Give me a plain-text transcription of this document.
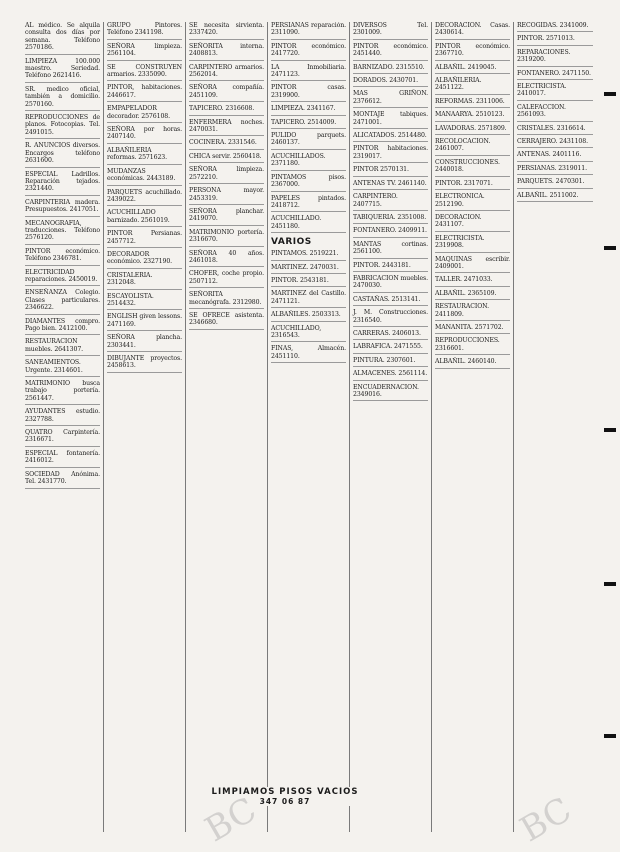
AL médico. Se alquila consulta dos días por semana. Teléfono 2570186.
LIMPIEZA 100.000 maestro. Seriedad. Teléfono 2621416.
SR. medico oficial, también a domicilio. 2570160.
REPRODUCCIONES de planos. Fotocopias. Tel. 2491015.
R. ANUNCIOS diversos. Encargos teléfono 2631600.
ESPECIAL Ladrillos. Reparación tejados. 2321440.
CARPINTERIA madera. Presupuestos. 2417051.
MECANOGRAFIA, traducciones. Teléfono 2576120.
PINTOR económico. Teléfono 2346781.
ELECTRICIDAD reparaciones. 2450019.
ENSEÑANZA Colegio. Clases particulares. 2346622.
DIAMANTES compro. Pago bien. 2412100.
RESTAURACION muebles. 2641307.
SANEAMIENTOS. Urgente. 2314601.
MATRIMONIO busca trabajo portería. 2561447.
AYUDANTES estudio. 2327788.
QUATRO Carpintería. 2316671.
ESPECIAL fontanería. 2416012.
SOCIEDAD Anónima. Tel. 2431770.
GRUPO Pintores. Teléfono 2341198.
SEÑORA limpieza. 2561104.
SE CONSTRUYEN armarios. 2335090.
PINTOR, habitaciones. 2446617.
EMPAPELADOR decorador. 2576108.
SEÑORA por horas. 2407140.
ALBAÑILERIA reformas. 2571623.
MUDANZAS económicas. 2443189.
PARQUETS acuchillado. 2439022.
ACUCHILLADO barnizado. 2561019.
PINTOR Persianas. 2457712.
DECORADOR económico. 2327190.
CRISTALERIA. 2312048.
ESCAYOLISTA. 2514432.
ENGLISH given lessons. 2471169.
SEÑORA plancha. 2303441.
DIBUJANTE proyectos. 2458613.
SE necesita sirvienta. 2337420.
SEÑORITA interna. 2408813.
CARPINTERO armarios. 2562014.
SEÑORA compañía. 2451109.
TAPICERO. 2316608.
ENFERMERA noches. 2470031.
COCINERA. 2331546.
CHICA servir. 2560418.
SEÑORA limpieza. 2572210.
PERSONA mayor. 2453319.
SEÑORA planchar. 2419070.
MATRIMONIO portería. 2316670.
SEÑORA 40 años. 2461018.
CHOFER, coche propio. 2507112.
SEÑORITA mecanógrafa. 2312980.
SE OFRECE asistenta. 2346680.
PERSIANAS reparación. 2311090.
PINTOR económico. 2417720.
LA Inmobiliaria. 2471123.
PINTOR casas. 2319900.
LIMPIEZA. 2341167.
TAPICERO. 2514009.
PULIDO parquets. 2460137.
ACUCHILLADOS. 2371180.
PINTAMOS pisos. 2367000.
PAPELES pintados. 2418712.
ACUCHILLADO. 2451180.
VARIOS
PINTAMOS. 2519221.
MARTINEZ. 2470031.
PINTOR. 2543181.
MARTINEZ del Castillo. 2471121.
ALBAÑILES. 2503313.
ACUCHILLADO, 2316543.
FINAS, Almacén. 2451110.
DIVERSOS Tel. 2301009.
PINTOR económico. 2451440.
BARNIZADO. 2315510.
DORADOS. 2430701.
MAS GRIÑON. 2376612.
MONTAJE tabiques. 2471001.
ALICATADOS. 2514480.
PINTOR habitaciones. 2319017.
PINTOR 2570131.
ANTENAS TV. 2461140.
CARPINTERO. 2407715.
TABIQUERIA. 2351008.
FONTANERO. 2409911.
MANTAS cortinas. 2561100.
PINTOR. 2443181.
FABRICACION muebles. 2470030.
CASTAÑAS. 2513141.
J. M. Construcciones. 2316540.
CARRERAS. 2406013.
LABRAFICA. 2471555.
PINTURA. 2307601.
ALMACENES. 2561114.
ENCUADERNACION. 2349016.
DECORACION. Casas. 2430614.
PINTOR económico. 2367710.
ALBAÑIL. 2419045.
ALBAÑILERIA. 2451122.
REFORMAS. 2311006.
MANAARYA. 2510123.
LAVADORAS. 2571809.
RECOLOCACION. 2461007.
CONSTRUCCIONES. 2440018.
PINTOR. 2317071.
ELECTRONICA. 2512190.
DECORACION. 2431107.
ELECTRICISTA. 2319908.
MAQUINAS escribir. 2409001.
TALLER. 2471033.
ALBAÑIL. 2365109.
RESTAURACION. 2411809.
MANANITA. 2571702.
REPRODUCCIONES. 2316601.
ALBAÑIL. 2460140.
RECOGIDAS. 2341009.
PINTOR. 2571013.
REPARACIONES. 2319200.
FONTANERO. 2471150.
ELECTRICISTA. 2410017.
CALEFACCION. 2561093.
CRISTALES. 2316614.
CERRAJERO. 2431108.
ANTENAS. 2401116.
PERSIANAS. 2319011.
PARQUETS. 2470301.
ALBAÑIL. 2511002.
LIMPIAMOS PISOS VACIOS
347 06 87
BC	BC
